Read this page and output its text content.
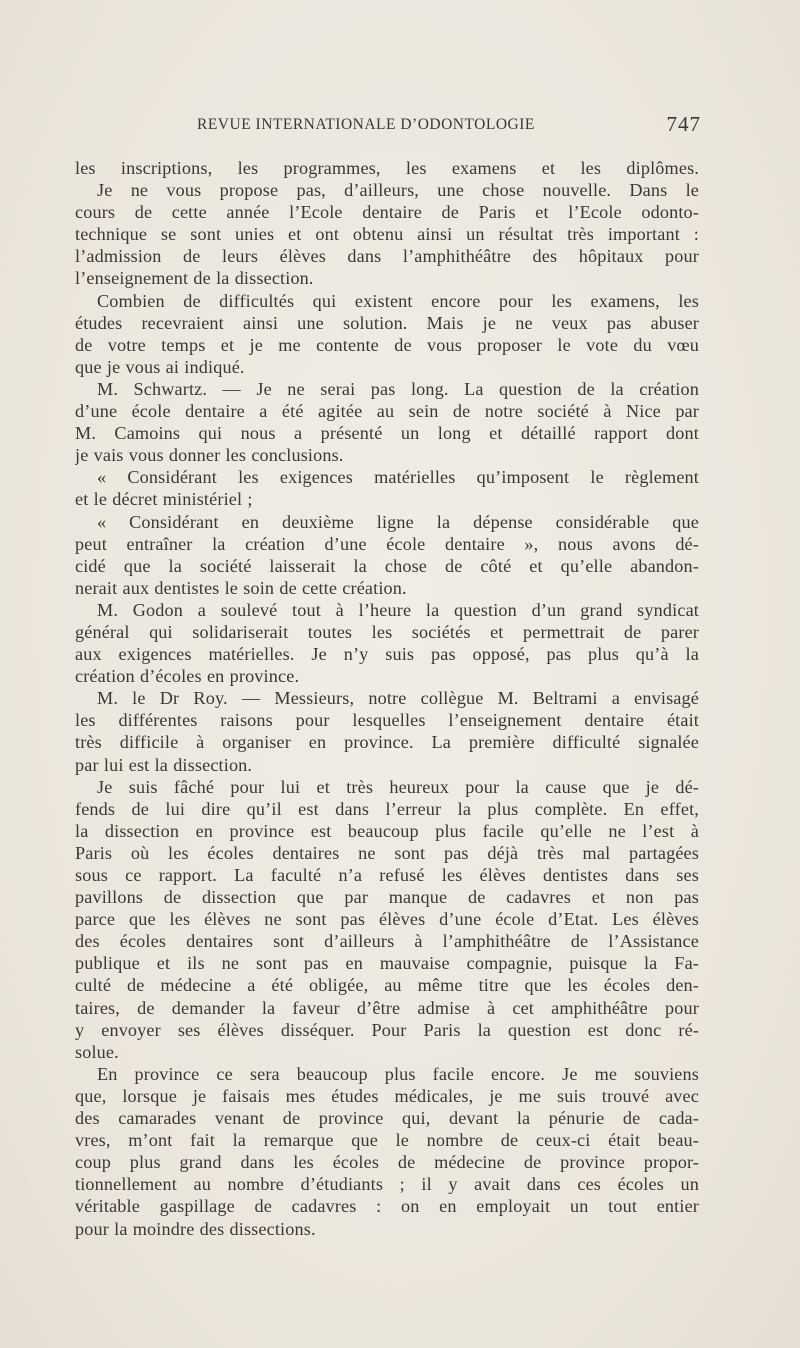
REVUE INTERNATIONALE D’ODONTOLOGIE	747
les inscriptions, les programmes, les examens et les diplômes.
Je ne vous propose pas, d’ailleurs, une chose nouvelle. Dans le
cours de cette année l’Ecole dentaire de Paris et l’Ecole odonto-
technique se sont unies et ont obtenu ainsi un résultat très important :
l’admission de leurs élèves dans l’amphithéâtre des hôpitaux pour
l’enseignement de la dissection.
Combien de difficultés qui existent encore pour les examens, les
études recevraient ainsi une solution. Mais je ne veux pas abuser
de votre temps et je me contente de vous proposer le vote du vœu
que je vous ai indiqué.
M. Schwartz. — Je ne serai pas long. La question de la création
d’une école dentaire a été agitée au sein de notre société à Nice par
M. Camoins qui nous a présenté un long et détaillé rapport dont
je vais vous donner les conclusions.
« Considérant les exigences matérielles qu’imposent le règlement
et le décret ministériel ;
« Considérant en deuxième ligne la dépense considérable que
peut entraîner la création d’une école dentaire », nous avons dé-
cidé que la société laisserait la chose de côté et qu’elle abandon-
nerait aux dentistes le soin de cette création.
M. Godon a soulevé tout à l’heure la question d’un grand syndicat
général qui solidariserait toutes les sociétés et permettrait de parer
aux exigences matérielles. Je n’y suis pas opposé, pas plus qu’à la
création d’écoles en province.
M. le Dr Roy. — Messieurs, notre collègue M. Beltrami a envisagé
les différentes raisons pour lesquelles l’enseignement dentaire était
très difficile à organiser en province. La première difficulté signalée
par lui est la dissection.
Je suis fâché pour lui et très heureux pour la cause que je dé-
fends de lui dire qu’il est dans l’erreur la plus complète. En effet,
la dissection en province est beaucoup plus facile qu’elle ne l’est à
Paris où les écoles dentaires ne sont pas déjà très mal partagées
sous ce rapport. La faculté n’a refusé les élèves dentistes dans ses
pavillons de dissection que par manque de cadavres et non pas
parce que les élèves ne sont pas élèves d’une école d’Etat. Les élèves
des écoles dentaires sont d’ailleurs à l’amphithéâtre de l’Assistance
publique et ils ne sont pas en mauvaise compagnie, puisque la Fa-
culté de médecine a été obligée, au même titre que les écoles den-
taires, de demander la faveur d’être admise à cet amphithéâtre pour
y envoyer ses élèves disséquer. Pour Paris la question est donc ré-
solue.
En province ce sera beaucoup plus facile encore. Je me souviens
que, lorsque je faisais mes études médicales, je me suis trouvé avec
des camarades venant de province qui, devant la pénurie de cada-
vres, m’ont fait la remarque que le nombre de ceux-ci était beau-
coup plus grand dans les écoles de médecine de province propor-
tionnellement au nombre d’étudiants ; il y avait dans ces écoles un
véritable gaspillage de cadavres : on en employait un tout entier
pour la moindre des dissections.
